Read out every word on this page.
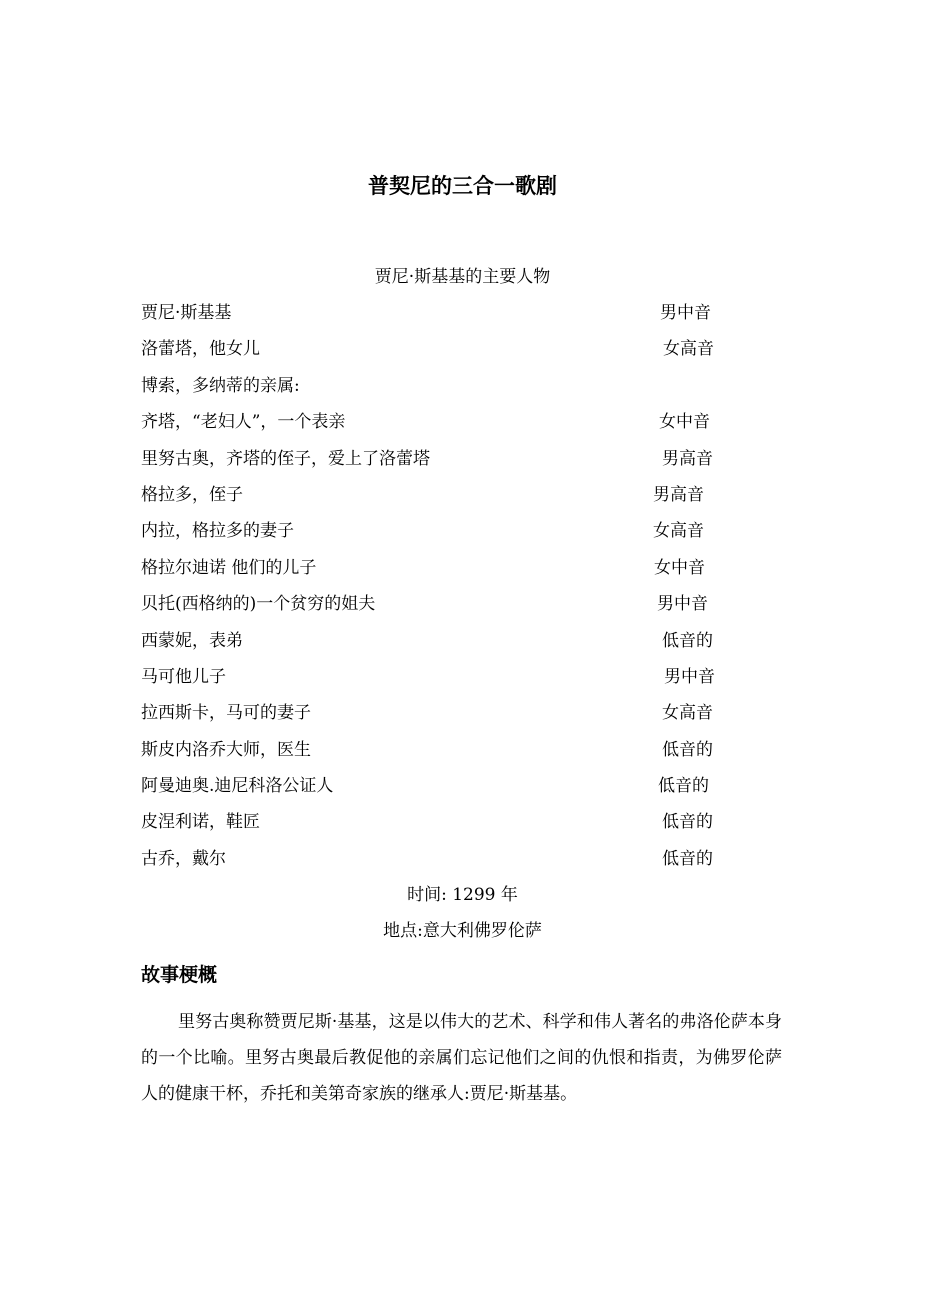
普契尼的三合一歌剧
贾尼·斯基基的主要人物
贾尼·斯基基	男中音
洛蕾塔，他女儿	女高音
博索，多纳蒂的亲属:
齐塔，“老妇人”，一个表亲	女中音
里努古奥，齐塔的侄子，爱上了洛蕾塔	男高音
格拉多，侄子	男高音
内拉，格拉多的妻子	女高音
格拉尔迪诺 他们的儿子	女中音
贝托(西格纳的)一个贫穷的姐夫	男中音
西蒙妮，表弟	低音的
马可他儿子	男中音
拉西斯卡，马可的妻子	女高音
斯皮内洛乔大师，医生	低音的
阿曼迪奥.迪尼科洛公证人	低音的
皮涅利诺，鞋匠	低音的
古乔，戴尔	低音的
时间: 1299 年
地点:意大利佛罗伦萨
故事梗概

里努古奥称赞贾尼斯·基基，这是以伟大的艺术、科学和伟人著名的弗洛伦萨本身的一个比喻。里努古奥最后教促他的亲属们忘记他们之间的仇恨和指责，为佛罗伦萨人的健康干杯，乔托和美第奇家族的继承人:贾尼·斯基基。
